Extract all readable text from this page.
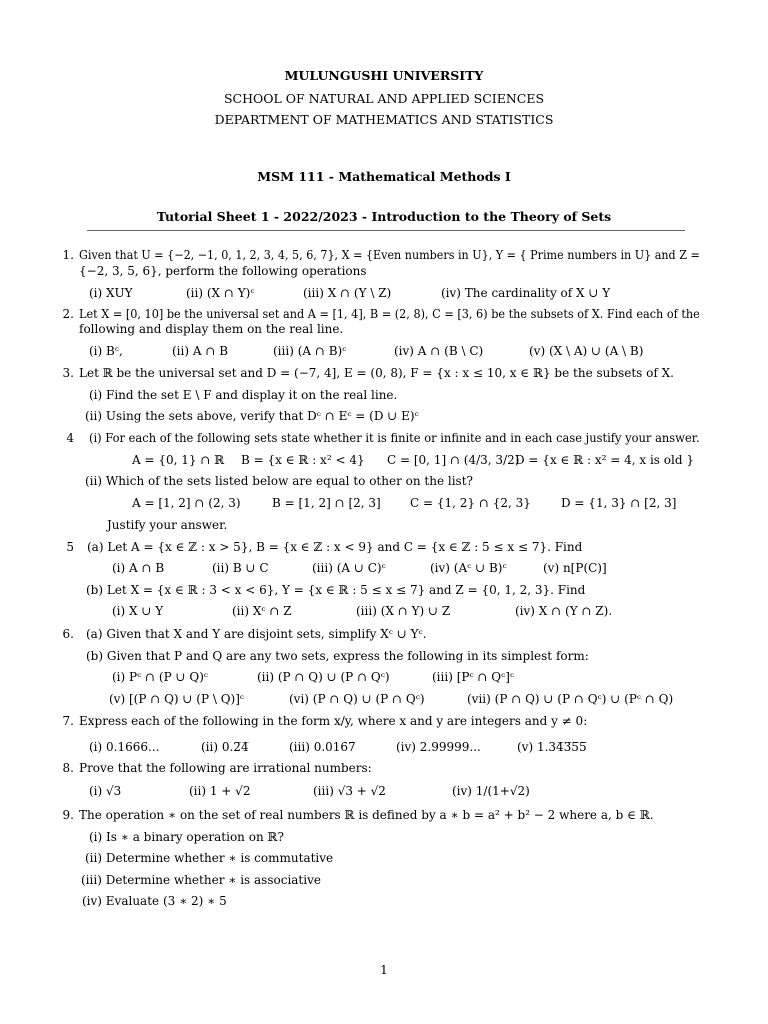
MULUNGUSHI UNIVERSITY
SCHOOL OF NATURAL AND APPLIED SCIENCES
DEPARTMENT OF MATHEMATICS AND STATISTICS
MSM 111 - Mathematical Methods I
Tutorial Sheet 1 - 2022/2023 - Introduction to the Theory of Sets
1. Given that U = {−2, −1, 0, 1, 2, 3, 4, 5, 6, 7}, X = {Even numbers in U}, Y = { Prime numbers in U} and Z =
{−2, 3, 5, 6}, perform the following operations
(i) XUY	(ii) (X ∩ Y)ᶜ	(iii) X ∩ (Y \ Z)	(iv) The cardinality of X ∪ Y
2. Let X = [0, 10] be the universal set and A = [1, 4], B = (2, 8), C = [3, 6) be the subsets of X. Find each of the
following and display them on the real line.
(i) Bᶜ,	(ii) A ∩ B	(iii) (A ∩ B)ᶜ	(iv) A ∩ (B \ C)	(v) (X \ A) ∪ (A \ B)
3. Let ℝ be the universal set and D = (−7, 4], E = (0, 8), F = {x : x ≤ 10, x ∈ ℝ} be the subsets of X.
(i) Find the set E \ F and display it on the real line.
(ii) Using the sets above, verify that Dᶜ ∩ Eᶜ = (D ∪ E)ᶜ
4 (i) For each of the following sets state whether it is finite or infinite and in each case justify your answer.
A = {0, 1} ∩ ℝ B = {x ∈ ℝ : x² < 4} C = [0, 1] ∩ (4/3, 3/2)
D = {x ∈ ℝ : x² = 4, x is old }
(ii) Which of the sets listed below are equal to other on the list?
A = [1, 2] ∩ (2, 3)	B = [1, 2] ∩ [2, 3] C = {1, 2} ∩ {2, 3}	D = {1, 3} ∩ [2, 3]
Justify your answer.
5 (a) Let A = {x ∈ ℤ : x > 5}, B = {x ∈ ℤ : x < 9} and C = {x ∈ ℤ : 5 ≤ x ≤ 7}. Find
(i) A ∩ B	(ii) B ∪ C	(iii) (A ∪ C)ᶜ	(iv) (Aᶜ ∪ B)ᶜ	(v) n[P(C)]
(b) Let X = {x ∈ ℝ : 3 < x < 6}, Y = {x ∈ ℝ : 5 ≤ x ≤ 7} and Z = {0, 1, 2, 3}. Find
(i) X ∪ Y	(ii) Xᶜ ∩ Z	(iii) (X ∩ Y) ∪ Z	(iv) X ∩ (Y ∩ Z).
6. (a) Given that X and Y are disjoint sets, simplify Xᶜ ∪ Yᶜ.
(b) Given that P and Q are any two sets, express the following in its simplest form:
(i) Pᶜ ∩ (P ∪ Q)ᶜ	(ii) (P ∩ Q) ∪ (P ∩ Qᶜ)	(iii) [Pᶜ ∩ Qᶜ]ᶜ
(v) [(P ∩ Q) ∪ (P \ Q)]ᶜ	(vi) (P ∩ Q) ∪ (P ∩ Qᶜ)	(vii) (P ∩ Q) ∪ (P ∩ Qᶜ) ∪ (Pᶜ ∩ Q)
7. Express each of the following in the form x/y, where x and y are integers and y ≠ 0:
(i) 0.1666...	(ii) 0.2̅4̅	(iii) 0.016̇7̇	(iv) 2.99999...	(v) 1.34̅3̅5̅5̅
8. Prove that the following are irrational numbers:
(i) √3	(ii) 1 + √2	(iii) √3 + √2	(iv) 1/(1+√2)
9. The operation ∗ on the set of real numbers ℝ is defined by a ∗ b = a² + b² − 2 where a, b ∈ ℝ.
(i) Is ∗ a binary operation on ℝ?
(ii) Determine whether ∗ is commutative
(iii) Determine whether ∗ is associative
(iv) Evaluate (3 ∗ 2) ∗ 5
1
